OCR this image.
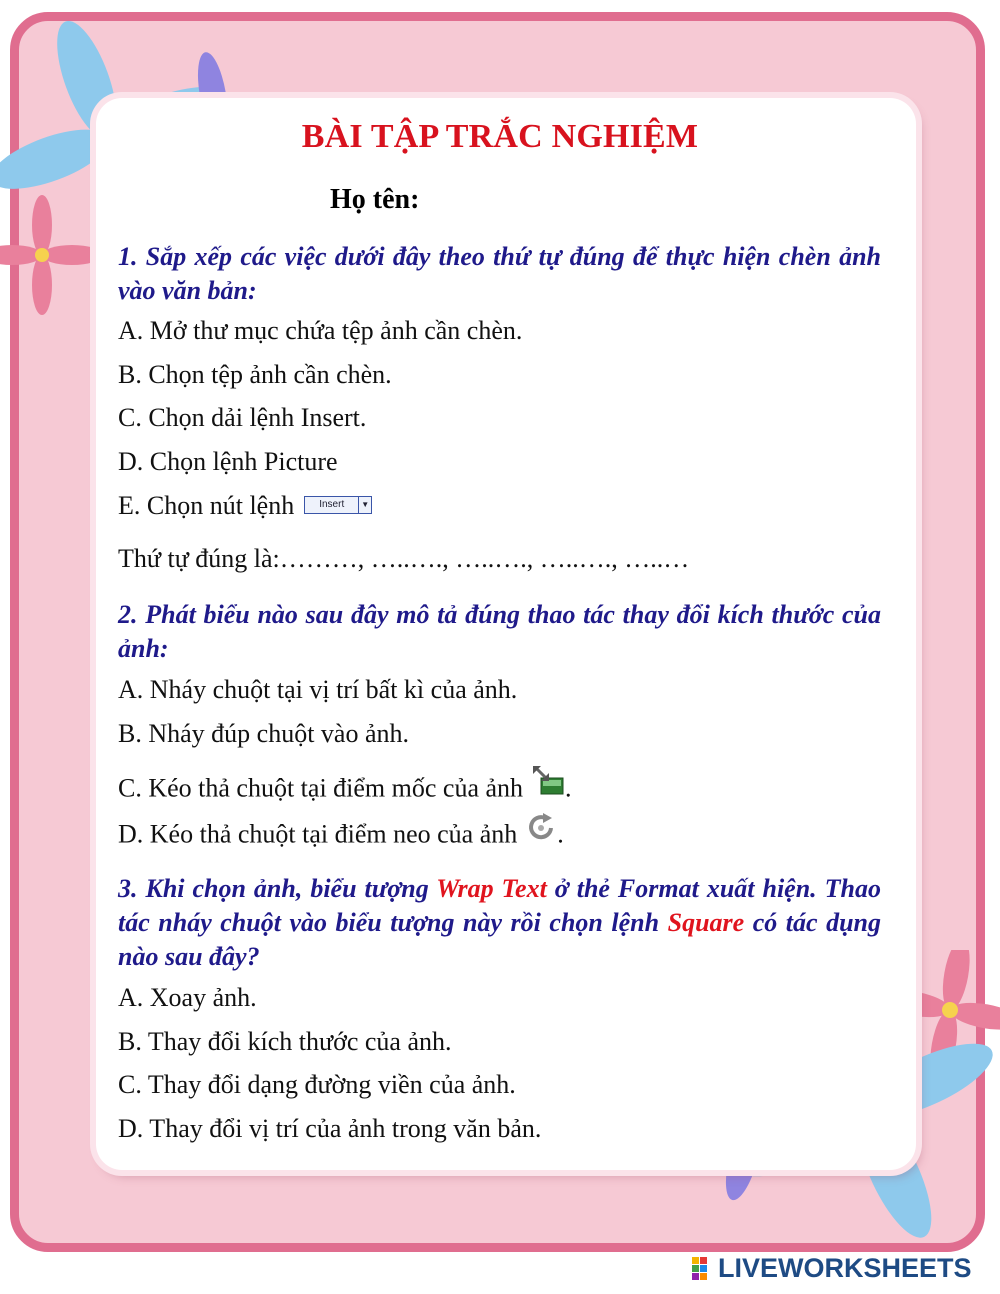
BÀI TẬP TRẮC NGHIỆM
Họ tên:
1. Sắp xếp các việc dưới đây theo thứ tự đúng để thực hiện chèn ảnh vào văn bản:
A. Mở thư mục chứa tệp ảnh cần chèn.
B. Chọn tệp ảnh cần chèn.
C. Chọn dải lệnh Insert.
D. Chọn lệnh Picture
E. Chọn nút lệnh	Insert	▼
Thứ tự đúng là:………, …..…., …..…., …..…., …..…
2. Phát biểu nào sau đây mô tả đúng thao tác thay đổi kích thước của ảnh:
A. Nháy chuột tại vị trí bất kì của ảnh.
B. Nháy đúp chuột vào ảnh.
C. Kéo thả chuột tại điểm mốc của ảnh .
D. Kéo thả chuột tại điểm neo của ảnh .
3. Khi chọn ảnh, biểu tượng Wrap Text ở thẻ Format xuất hiện. Thao tác nháy chuột vào biểu tượng này rồi chọn lệnh Square có tác dụng nào sau đây?
A. Xoay ảnh.
B. Thay đổi kích thước của ảnh.
C. Thay đổi dạng đường viền của ảnh.
D. Thay đổi vị trí của ảnh trong văn bản.
LIVEWORKSHEETS
